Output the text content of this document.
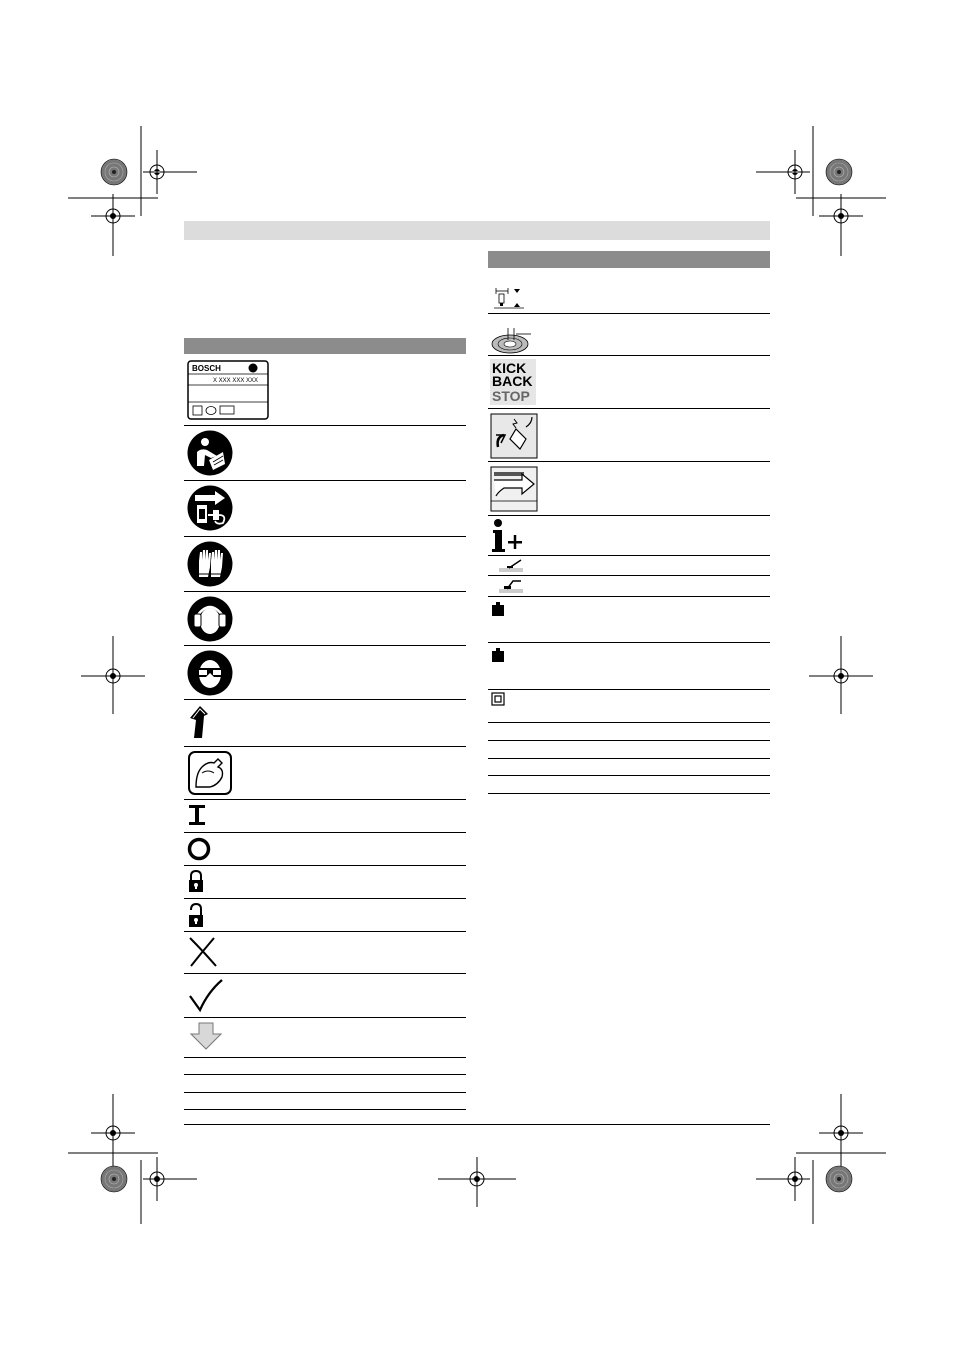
BOSCH
X XXX XXX XXX
KICK
BACK
STOP
